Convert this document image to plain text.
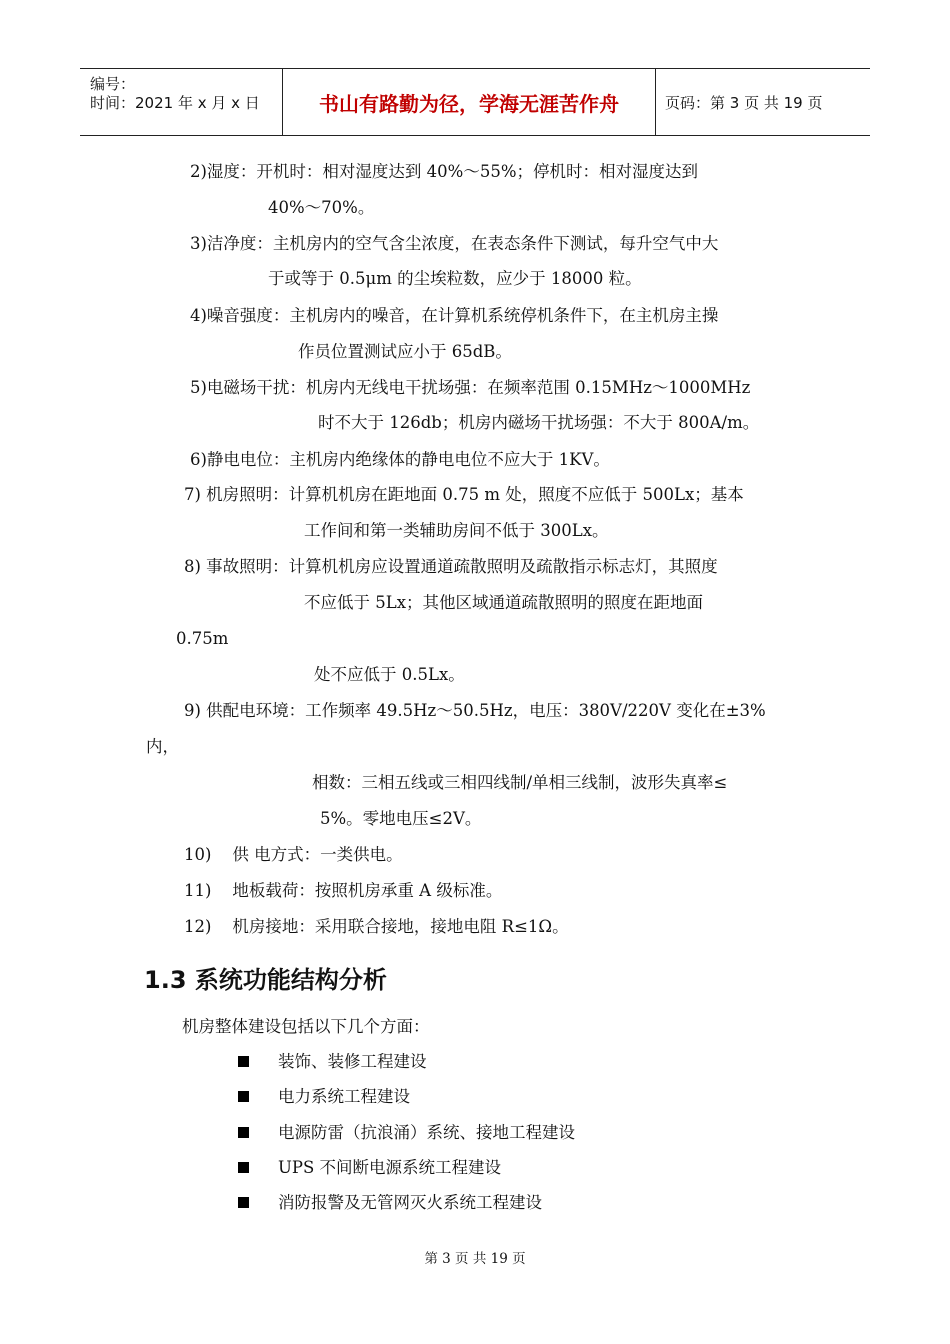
编号：
时间：2021 年 x 月 x 日	书山有路勤为径，学海无涯苦作舟	页码：第 3 页 共 19 页
2)湿度：开机时：相对湿度达到 40%～55%；停机时：相对湿度达到
40%～70%。
3)洁净度：主机房内的空气含尘浓度，在表态条件下测试，每升空气中大
于或等于 0.5μm 的尘埃粒数，应少于 18000 粒。
4)噪音强度：主机房内的噪音，在计算机系统停机条件下，在主机房主操
作员位置测试应小于 65dB。
5)电磁场干扰：机房内无线电干扰场强：在频率范围 0.15MHz～1000MHz
时不大于 126db；机房内磁场干扰场强：不大于 800A/m。
6)静电电位：主机房内绝缘体的静电电位不应大于 1KV。
7) 机房照明：计算机机房在距地面 0.75 m 处，照度不应低于 500Lx；基本
工作间和第一类辅助房间不低于 300Lx。
8) 事故照明：计算机机房应设置通道疏散照明及疏散指示标志灯，其照度
不应低于 5Lx；其他区域通道疏散照明的照度在距地面
0.75m
处不应低于 0.5Lx。
9) 供配电环境：工作频率 49.5Hz～50.5Hz，电压：380V/220V 变化在±3%
内，
相数：三相五线或三相四线制/单相三线制，波形失真率≤
5%。零地电压≤2V。
10)    供 电方式：一类供电。
11)    地板载荷：按照机房承重 A 级标准。
12)    机房接地：采用联合接地，接地电阻 R≤1Ω。
1.3 系统功能结构分析
机房整体建设包括以下几个方面：
装饰、装修工程建设
电力系统工程建设
电源防雷（抗浪涌）系统、接地工程建设
UPS 不间断电源系统工程建设
消防报警及无管网灭火系统工程建设
第 3 页 共 19 页
